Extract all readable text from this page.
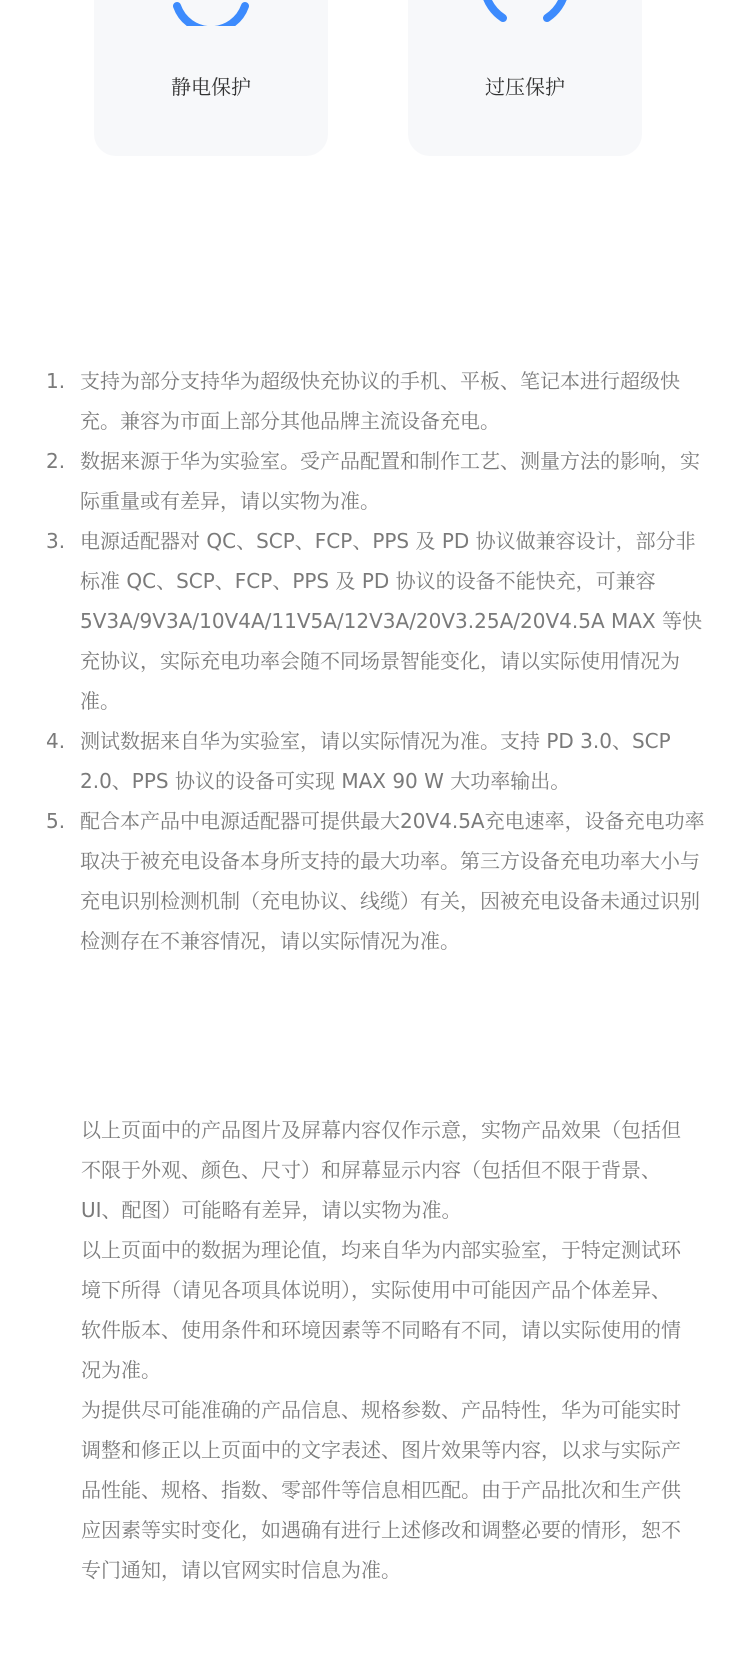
静电保护	过压保护
1. 支持为部分支持华为超级快充协议的手机、平板、笔记本进行超级快充。兼容为市面上部分其他品牌主流设备充电。
2. 数据来源于华为实验室。受产品配置和制作工艺、测量方法的影响，实际重量或有差异，请以实物为准。
3. 电源适配器对 QC、SCP、FCP、PPS 及 PD 协议做兼容设计，部分非标准 QC、SCP、FCP、PPS 及 PD 协议的设备不能快充，可兼容 5V3A/9V3A/10V4A/11V5A/12V3A/20V3.25A/20V4.5A MAX 等快充协议，实际充电功率会随不同场景智能变化，请以实际使用情况为准。
4. 测试数据来自华为实验室，请以实际情况为准。支持 PD 3.0、SCP 2.0、PPS 协议的设备可实现 MAX 90 W 大功率输出。
5. 配合本产品中电源适配器可提供最大20V4.5A充电速率，设备充电功率取决于被充电设备本身所支持的最大功率。第三方设备充电功率大小与充电识别检测机制（充电协议、线缆）有关，因被充电设备未通过识别检测存在不兼容情况，请以实际情况为准。

以上页面中的产品图片及屏幕内容仅作示意，实物产品效果（包括但不限于外观、颜色、尺寸）和屏幕显示内容（包括但不限于背景、UI、配图）可能略有差异，请以实物为准。

以上页面中的数据为理论值，均来自华为内部实验室，于特定测试环境下所得（请见各项具体说明），实际使用中可能因产品个体差异、软件版本、使用条件和环境因素等不同略有不同，请以实际使用的情况为准。

为提供尽可能准确的产品信息、规格参数、产品特性，华为可能实时调整和修正以上页面中的文字表述、图片效果等内容，以求与实际产品性能、规格、指数、零部件等信息相匹配。由于产品批次和生产供应因素等实时变化，如遇确有进行上述修改和调整必要的情形，恕不专门通知，请以官网实时信息为准。
